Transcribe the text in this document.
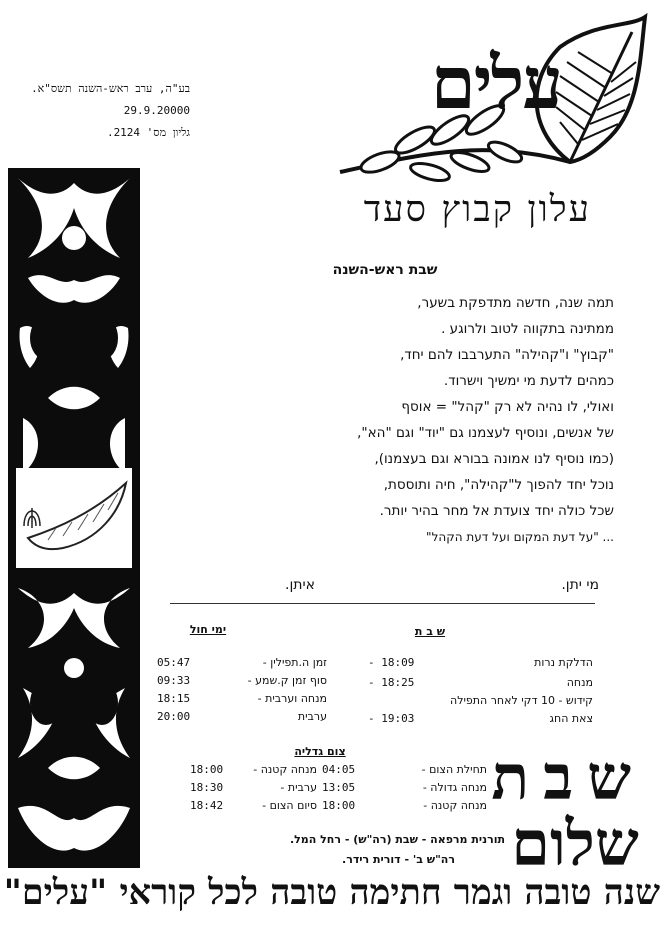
בע"ה, ערב ראש-השנה תשס"א.
29.9.20000
גליון מס' 2124.
עלים
עלון קבוץ סעד
שבת ראש-השנה
תמה שנה, חדשה מתדפקת בשער,
ממתינה בתקווה לטוב ולרוגע .
"קבוץ" ו"קהילה" התערבבו להם יחד,
כמהים לדעת מי ימשיך וישרוד.
ואולי, לו נהיה לא רק "קהל" = אוסף
של אנשים, ונוסיף לעצמנו גם "יוד" וגם "הא",
(כמו נוסיף לנו אמונה בבורא וגם בעצמנו),
נוכל יחד להפוך ל"קהילה", חיה ותוססת,
שכל כולה יחד צועדת אל מחר בהיר יותר.
... "על דעת המקום ועל דעת הקהל"
מי יתן.
איתן.
ש ב ת
הדלקת נרות
18:09 -
מנחה
18:25 -
קידוש - 10 דקי לאחר התפילה
צאת החג
19:03 -
ימי חול
זמן ה.תפילין -
05:47
סוף זמן ק.שמע -
09:33
מנחה וערבית -
18:15
ערבית
20:00
צום גדליה
תחילת הצום -
04:05
מנחה גדולה -
13:05
מנחה קטנה -
18:00
מנחה קטנה -
18:00
ערבית -
18:30
סיום הצום -
18:42	שבת
שלום
תורנית מרפאה - שבת (רה"ש) - רחל המל.
רה"ש ב' - דורית רידר.
שנה טובה וגמר חתימה טובה לכל קוראי "עלים"
